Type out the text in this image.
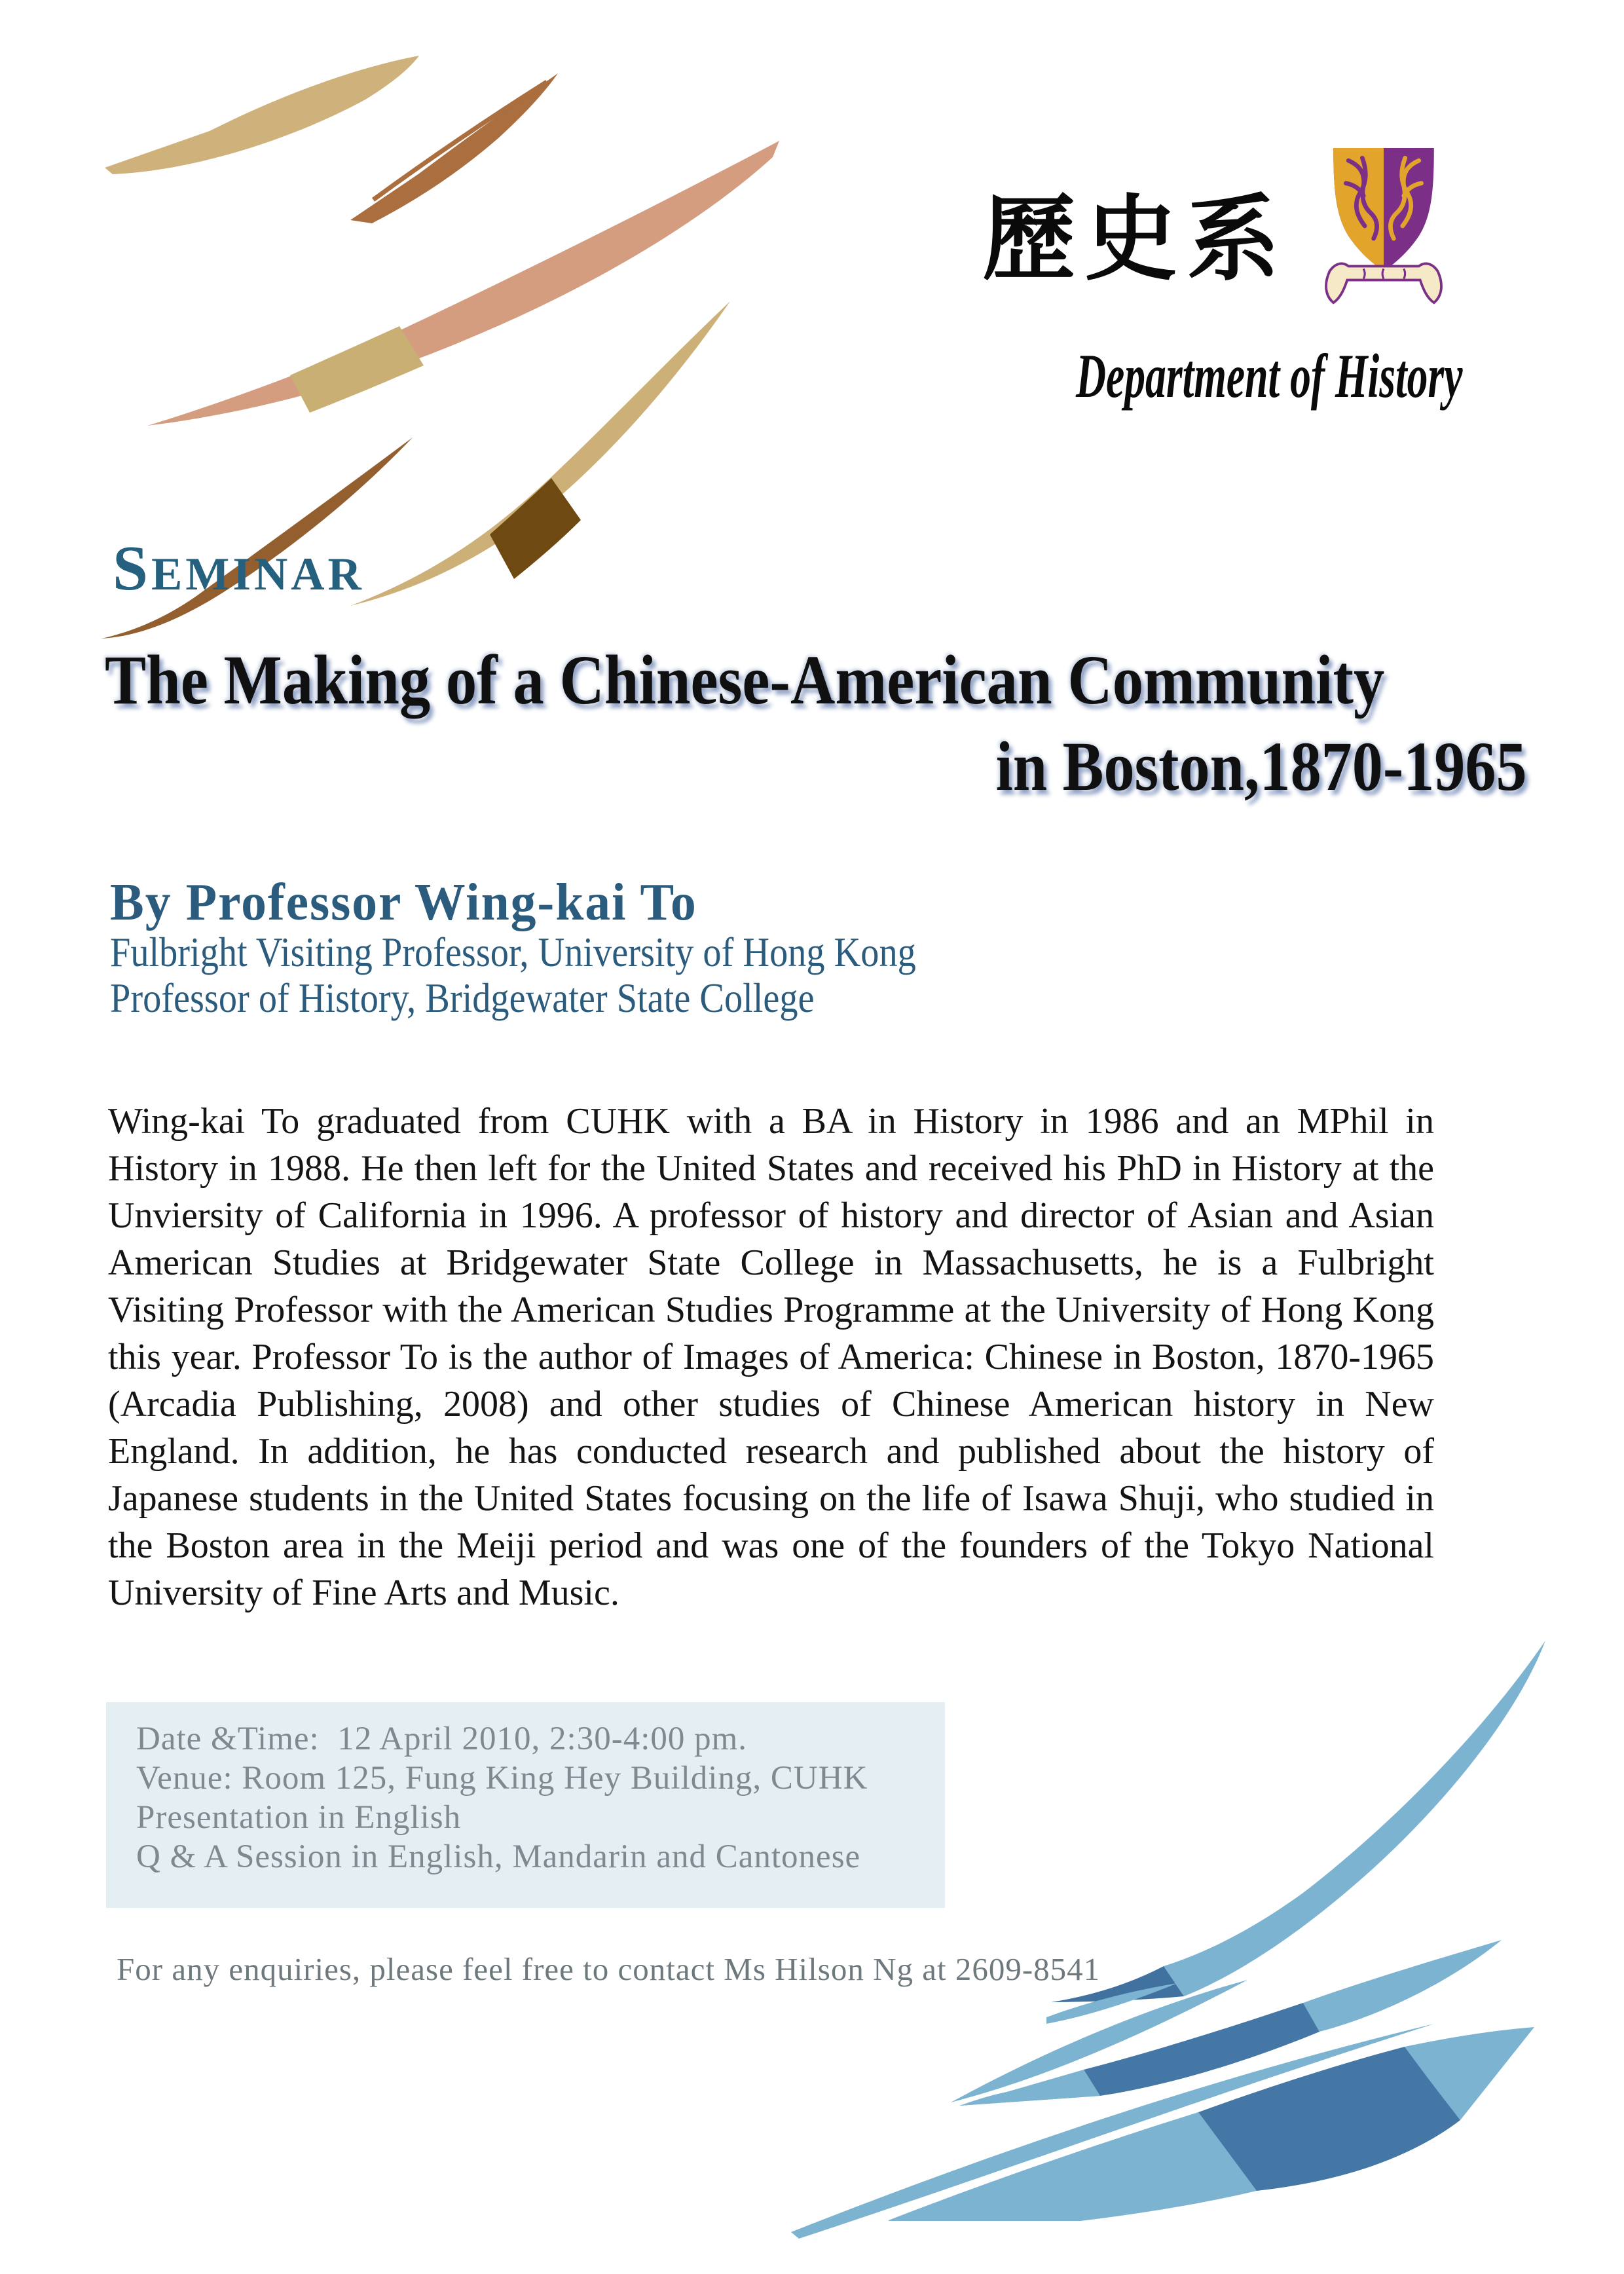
歷史系
Department of History
SEMINAR
The Making of a Chinese-American Community
in Boston,1870-1965
By Professor Wing-kai To
Fulbright Visiting Professor, University of Hong Kong
Professor of History, Bridgewater State College
Wing-kai To graduated from CUHK with a BA in History in 1986 and an MPhil in History in 1988. He then left for the United States and received his PhD in History at the Unviersity of California in 1996. A professor of history and director of Asian and Asian American Studies at Bridgewater State College in Massachusetts, he is a Fulbright Visiting Professor with the American Studies Programme at the University of Hong Kong this year. Professor To is the author of Images of America: Chinese in Boston, 1870-1965 (Arcadia Publishing, 2008) and other studies of Chinese American history in New England. In addition, he has conducted research and published about the history of Japanese students in the United States focusing on the life of Isawa Shuji, who studied in the Boston area in the Meiji period and was one of the founders of the Tokyo National University of Fine Arts and Music.
Date &Time:  12 April 2010, 2:30-4:00 pm.
Venue: Room 125, Fung King Hey Building, CUHK
Presentation in English
Q & A Session in English, Mandarin and Cantonese
For any enquiries, please feel free to contact Ms Hilson Ng at 2609-8541
